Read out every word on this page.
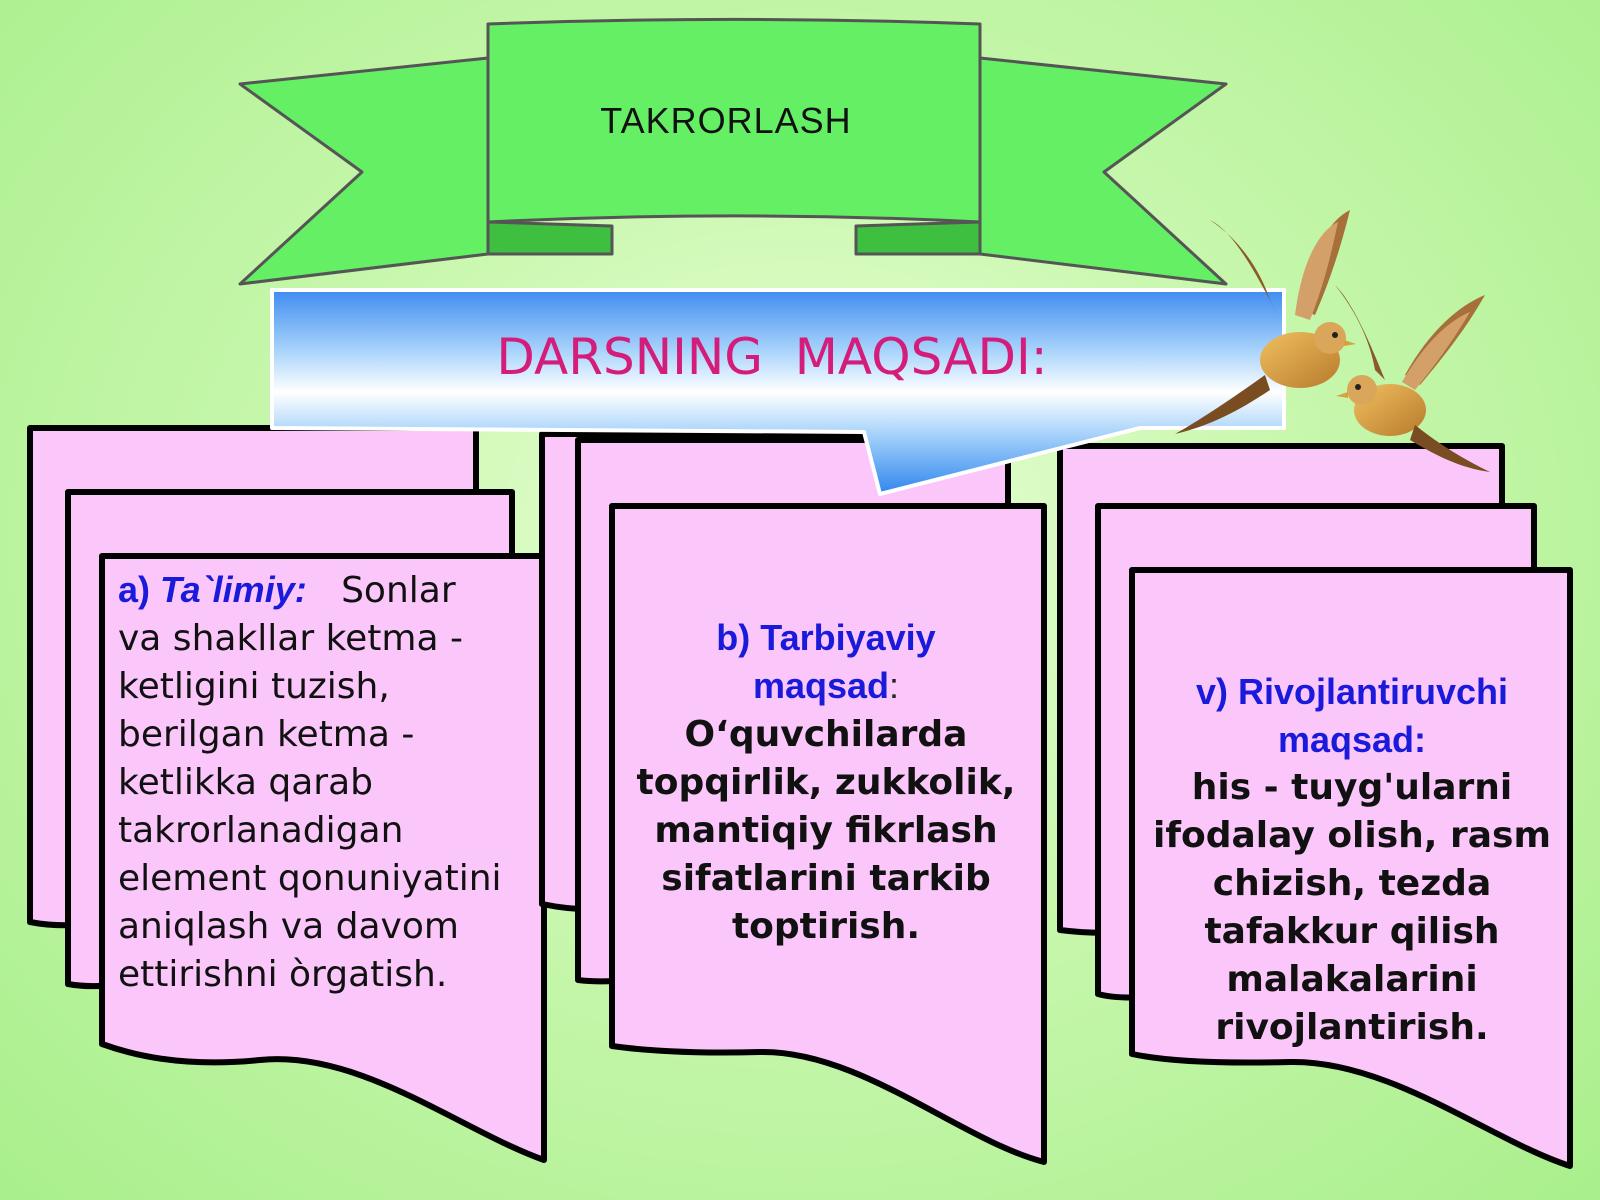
TAKRORLASH
DARSNING  MAQSADI:
a) Ta`limiy: Sonlar
va shakllar ketma -
ketligini tuzish,
berilgan ketma -
ketlikka qarab
takrorlanadigan
element qonuniyatini
aniqlash va davom
ettirishni òrgatish.
b) Tarbiyaviy
maqsad:
O‘quvchilarda
topqirlik, zukkolik,
mantiqiy fikrlash
sifatlarini tarkib
toptirish.
v) Rivojlantiruvchi
maqsad:
his - tuyg'ularni
ifodalay olish, rasm
chizish, tezda
tafakkur qilish
malakalarini
rivojlantirish.
